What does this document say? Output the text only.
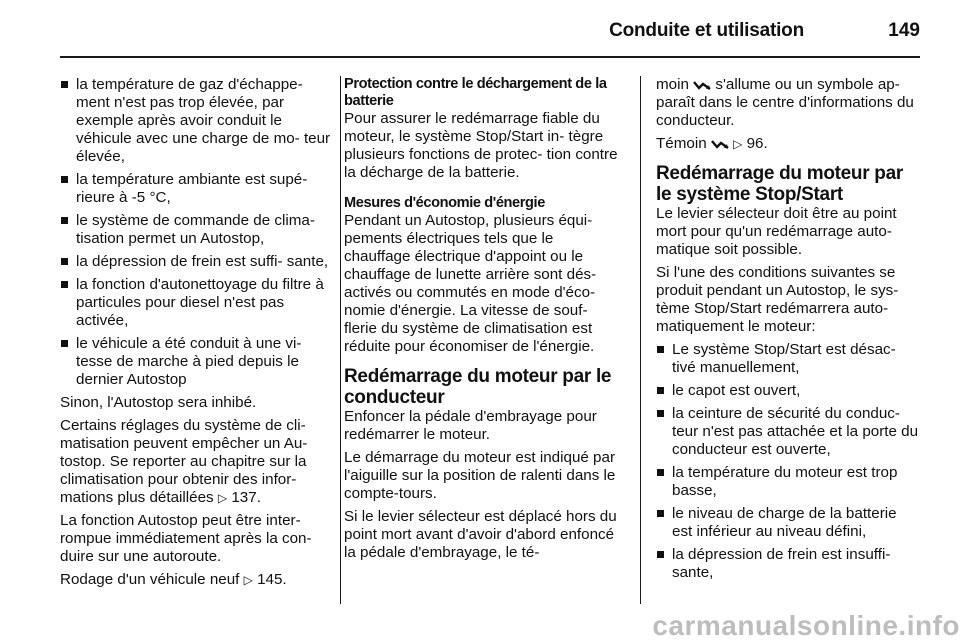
Conduite et utilisation	149
la température de gaz d'échappe- ment n'est pas trop élevée, par exemple après avoir conduit le véhicule avec une charge de mo- teur élevée,
la température ambiante est supé- rieure à -5 °C,
le système de commande de clima- tisation permet un Autostop,
la dépression de frein est suffi- sante,
la fonction d'autonettoyage du filtre à particules pour diesel n'est pas activée,
le véhicule a été conduit à une vi- tesse de marche à pied depuis le dernier Autostop

Sinon, l'Autostop sera inhibé.

Certains réglages du système de cli- matisation peuvent empêcher un Au- tostop. Se reporter au chapitre sur la climatisation pour obtenir des infor- mations plus détaillées ▷ 137.

La fonction Autostop peut être inter- rompue immédiatement après la con- duire sur une autoroute.

Rodage d'un véhicule neuf ▷ 145.

Protection contre le déchargement de la batterie

Pour assurer le redémarrage fiable du moteur, le système Stop/Start in- tègre plusieurs fonctions de protec- tion contre la décharge de la batterie.

Mesures d'économie d'énergie

Pendant un Autostop, plusieurs équi- pements électriques tels que le chauffage électrique d'appoint ou le chauffage de lunette arrière sont dés- activés ou commutés en mode d'éco- nomie d'énergie. La vitesse de souf- flerie du système de climatisation est réduite pour économiser de l'énergie.

Redémarrage du moteur par le conducteur

Enfoncer la pédale d'embrayage pour redémarrer le moteur.

Le démarrage du moteur est indiqué par l'aiguille sur la position de ralenti dans le compte-tours.

Si le levier sélecteur est déplacé hors du point mort avant d'avoir d'abord enfoncé la pédale d'embrayage, le té-

moin s'allume ou un symbole ap- paraît dans le centre d'informations du conducteur.

Témoin ▷ 96.

Redémarrage du moteur par le système Stop/Start

Le levier sélecteur doit être au point mort pour qu'un redémarrage auto- matique soit possible.

Si l'une des conditions suivantes se produit pendant un Autostop, le sys- tème Stop/Start redémarrera auto- matiquement le moteur:

Le système Stop/Start est désac- tivé manuellement,
le capot est ouvert,
la ceinture de sécurité du conduc- teur n'est pas attachée et la porte du conducteur est ouverte,
la température du moteur est trop basse,
le niveau de charge de la batterie est inférieur au niveau défini,
la dépression de frein est insuffi- sante,
carmanualsonline.info
